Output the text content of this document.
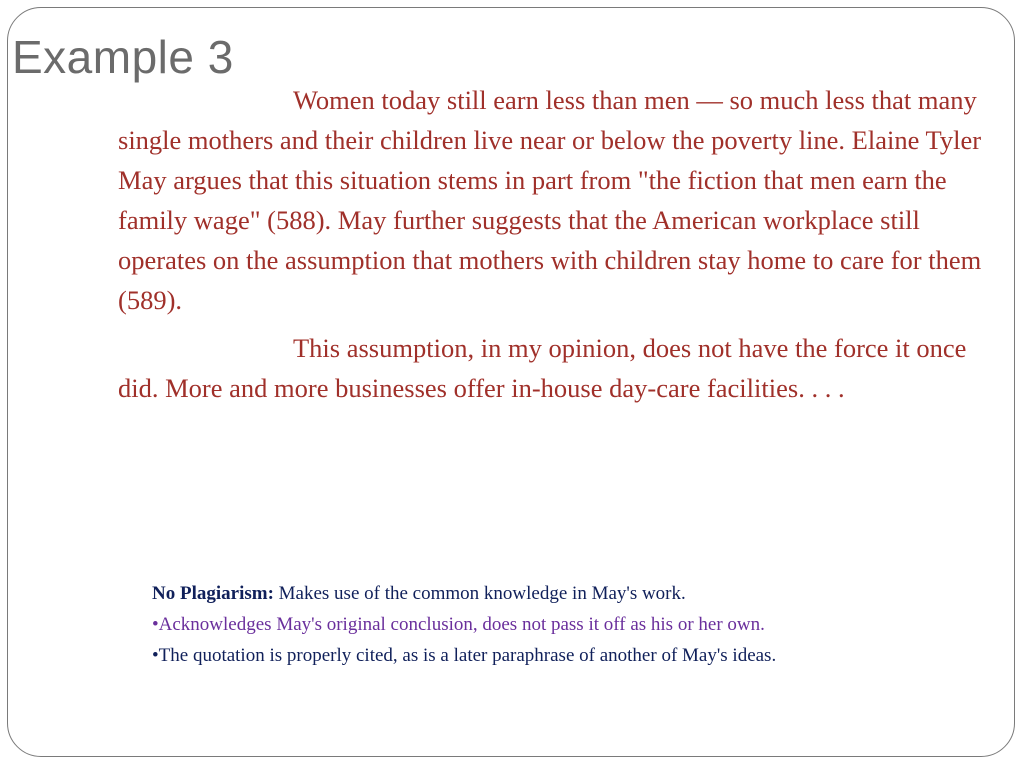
Example 3

Women today still earn less than men — so much less that many single mothers and their children live near or below the poverty line. Elaine Tyler May argues that this situation stems in part from "the fiction that men earn the family wage" (588). May further suggests that the American workplace still operates on the assumption that mothers with children stay home to care for them (589).

This assumption, in my opinion, does not have the force it once did. More and more businesses offer in-house day-care facilities. . . .

No Plagiarism: Makes use of the common knowledge in May's work.

•Acknowledges May's original conclusion, does not pass it off as his or her own.

•The quotation is properly cited, as is a later paraphrase of another of May's ideas.
